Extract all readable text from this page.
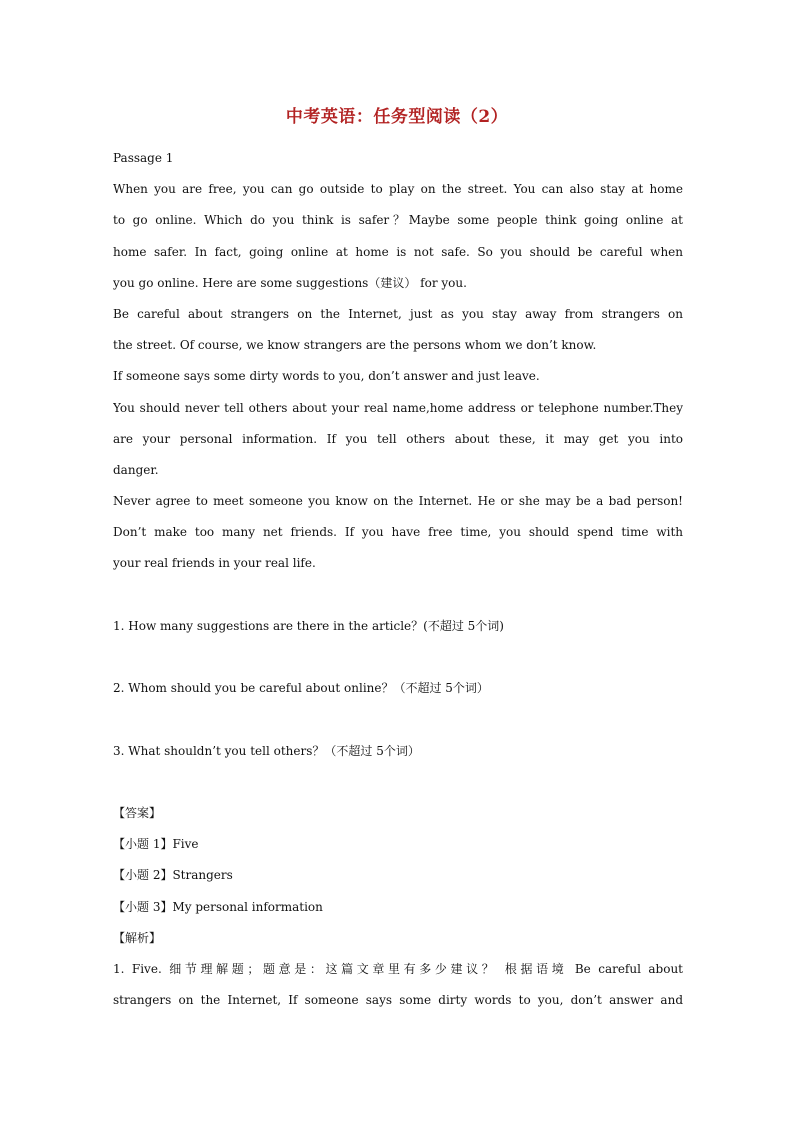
中考英语：任务型阅读（2）
Passage 1
When you are free, you can go outside to play on the street. You can also stay at home
to go online. Which do you think is safer？Maybe some people think going online at
home safer. In fact, going online at home is not safe. So you should be careful when
you go online. Here are some suggestions（建议） for you.
Be careful about strangers on the Internet, just as you stay away from strangers on
the street. Of course, we know strangers are the persons whom we don’t know.
If someone says some dirty words to you, don’t answer and just leave.
You should never tell others about your real name,home address or telephone number.They
are your personal information. If you tell others about these, it may get you into
danger.
Never agree to meet someone you know on the Internet. He or she may be a bad person!
Don’t make too many net friends. If you have free time, you should spend time with
your real friends in your real life.
1. How many suggestions are there in the article？(不超过 5个词)
2. Whom should you be careful about online？（不超过 5个词）
3. What shouldn’t you tell others？（不超过 5个词）
【答案】
【小题 1】Five
【小题 2】Strangers
【小题 3】My personal information
【解析】
1. Five. 细节理解题；题意是：这篇文章里有多少建议？ 根据语境 Be careful about
strangers on the Internet, If someone says some dirty words to you, don’t answer and
